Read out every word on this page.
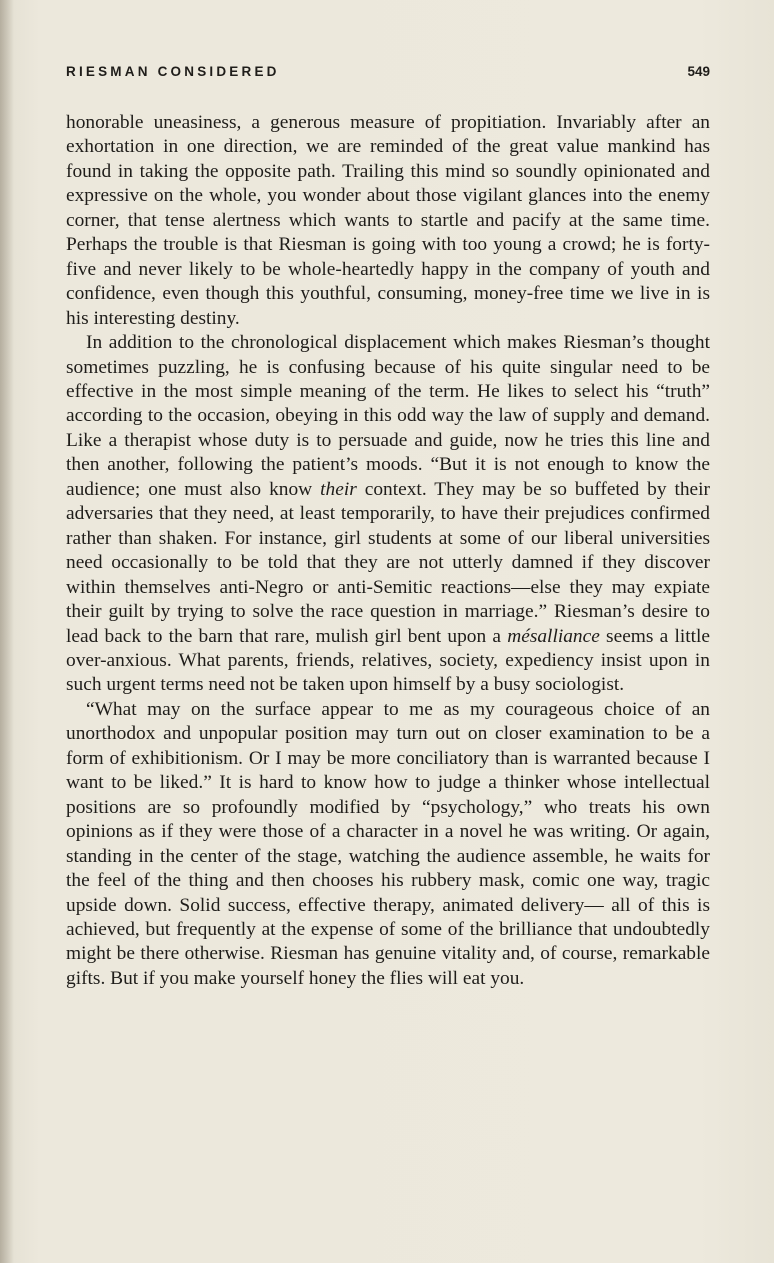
RIESMAN CONSIDERED	549

honorable uneasiness, a generous measure of propitiation. Invariably after an exhortation in one direction, we are reminded of the great value mankind has found in taking the opposite path. Trailing this mind so soundly opinionated and expressive on the whole, you wonder about those vigilant glances into the enemy corner, that tense alertness which wants to startle and pacify at the same time. Perhaps the trouble is that Riesman is going with too young a crowd; he is forty-five and never likely to be whole-heartedly happy in the company of youth and confidence, even though this youthful, consuming, money-free time we live in is his interesting destiny.

In addition to the chronological displacement which makes Riesman’s thought sometimes puzzling, he is confusing because of his quite singular need to be effective in the most simple meaning of the term. He likes to select his “truth” according to the occasion, obeying in this odd way the law of supply and demand. Like a therapist whose duty is to persuade and guide, now he tries this line and then another, following the patient’s moods. “But it is not enough to know the audience; one must also know their context. They may be so buffeted by their adversaries that they need, at least temporarily, to have their prejudices confirmed rather than shaken. For instance, girl students at some of our liberal universities need occasionally to be told that they are not utterly damned if they discover within themselves anti-Negro or anti-Semitic reactions—else they may expiate their guilt by trying to solve the race question in marriage.” Riesman’s desire to lead back to the barn that rare, mulish girl bent upon a mésalliance seems a little over-anxious. What parents, friends, relatives, society, expediency insist upon in such urgent terms need not be taken upon himself by a busy sociologist.

“What may on the surface appear to me as my courageous choice of an unorthodox and unpopular position may turn out on closer examination to be a form of exhibitionism. Or I may be more conciliatory than is warranted because I want to be liked.” It is hard to know how to judge a thinker whose intellectual positions are so profoundly modified by “psychology,” who treats his own opinions as if they were those of a character in a novel he was writing. Or again, standing in the center of the stage, watching the audience assemble, he waits for the feel of the thing and then chooses his rubbery mask, comic one way, tragic upside down. Solid success, effective therapy, animated delivery— all of this is achieved, but frequently at the expense of some of the brilliance that undoubtedly might be there otherwise. Riesman has genuine vitality and, of course, remarkable gifts. But if you make yourself honey the flies will eat you.
